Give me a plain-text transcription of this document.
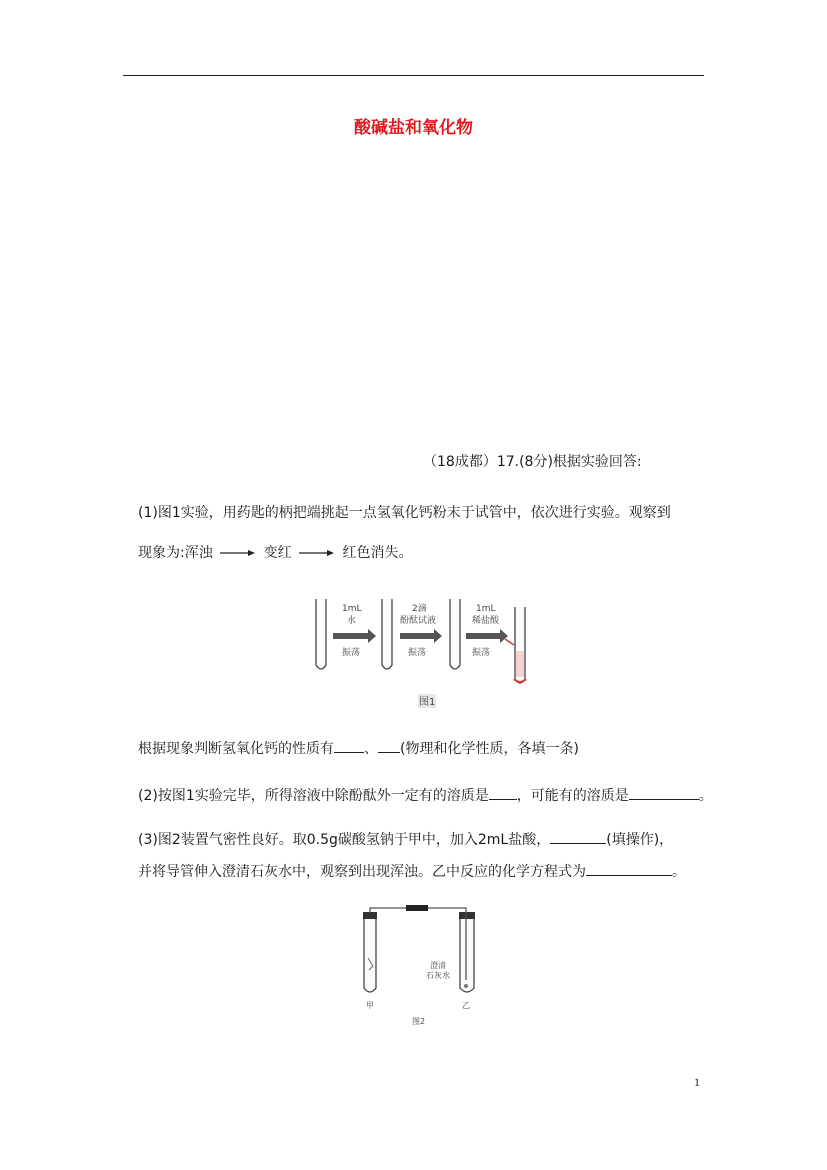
酸碱盐和氧化物
（18成都）17.(8分)根据实验回答:
(1)图1实验，用药匙的柄把端挑起一点氢氧化钙粉末于试管中，依次进行实验。观察到
现象为:浑浊	变红	红色消失。
1mL
水
振荡
2滴
酚酞试液
振荡
1mL
稀盐酸
振荡
图1
根据现象判断氢氧化钙的性质有 、 (物理和化学性质，各填一条)
(2)按图1实验完毕，所得溶液中除酚酞外一定有的溶质是 ，可能有的溶质是	。
(3)图2装置气密性良好。取0.5g碳酸氢钠于甲中，加入2mL盐酸，	(填操作)，
并将导管伸入澄清石灰水中，观察到出现浑浊。乙中反应的化学方程式为	。
澄清
石灰水
甲	乙
图2
1
